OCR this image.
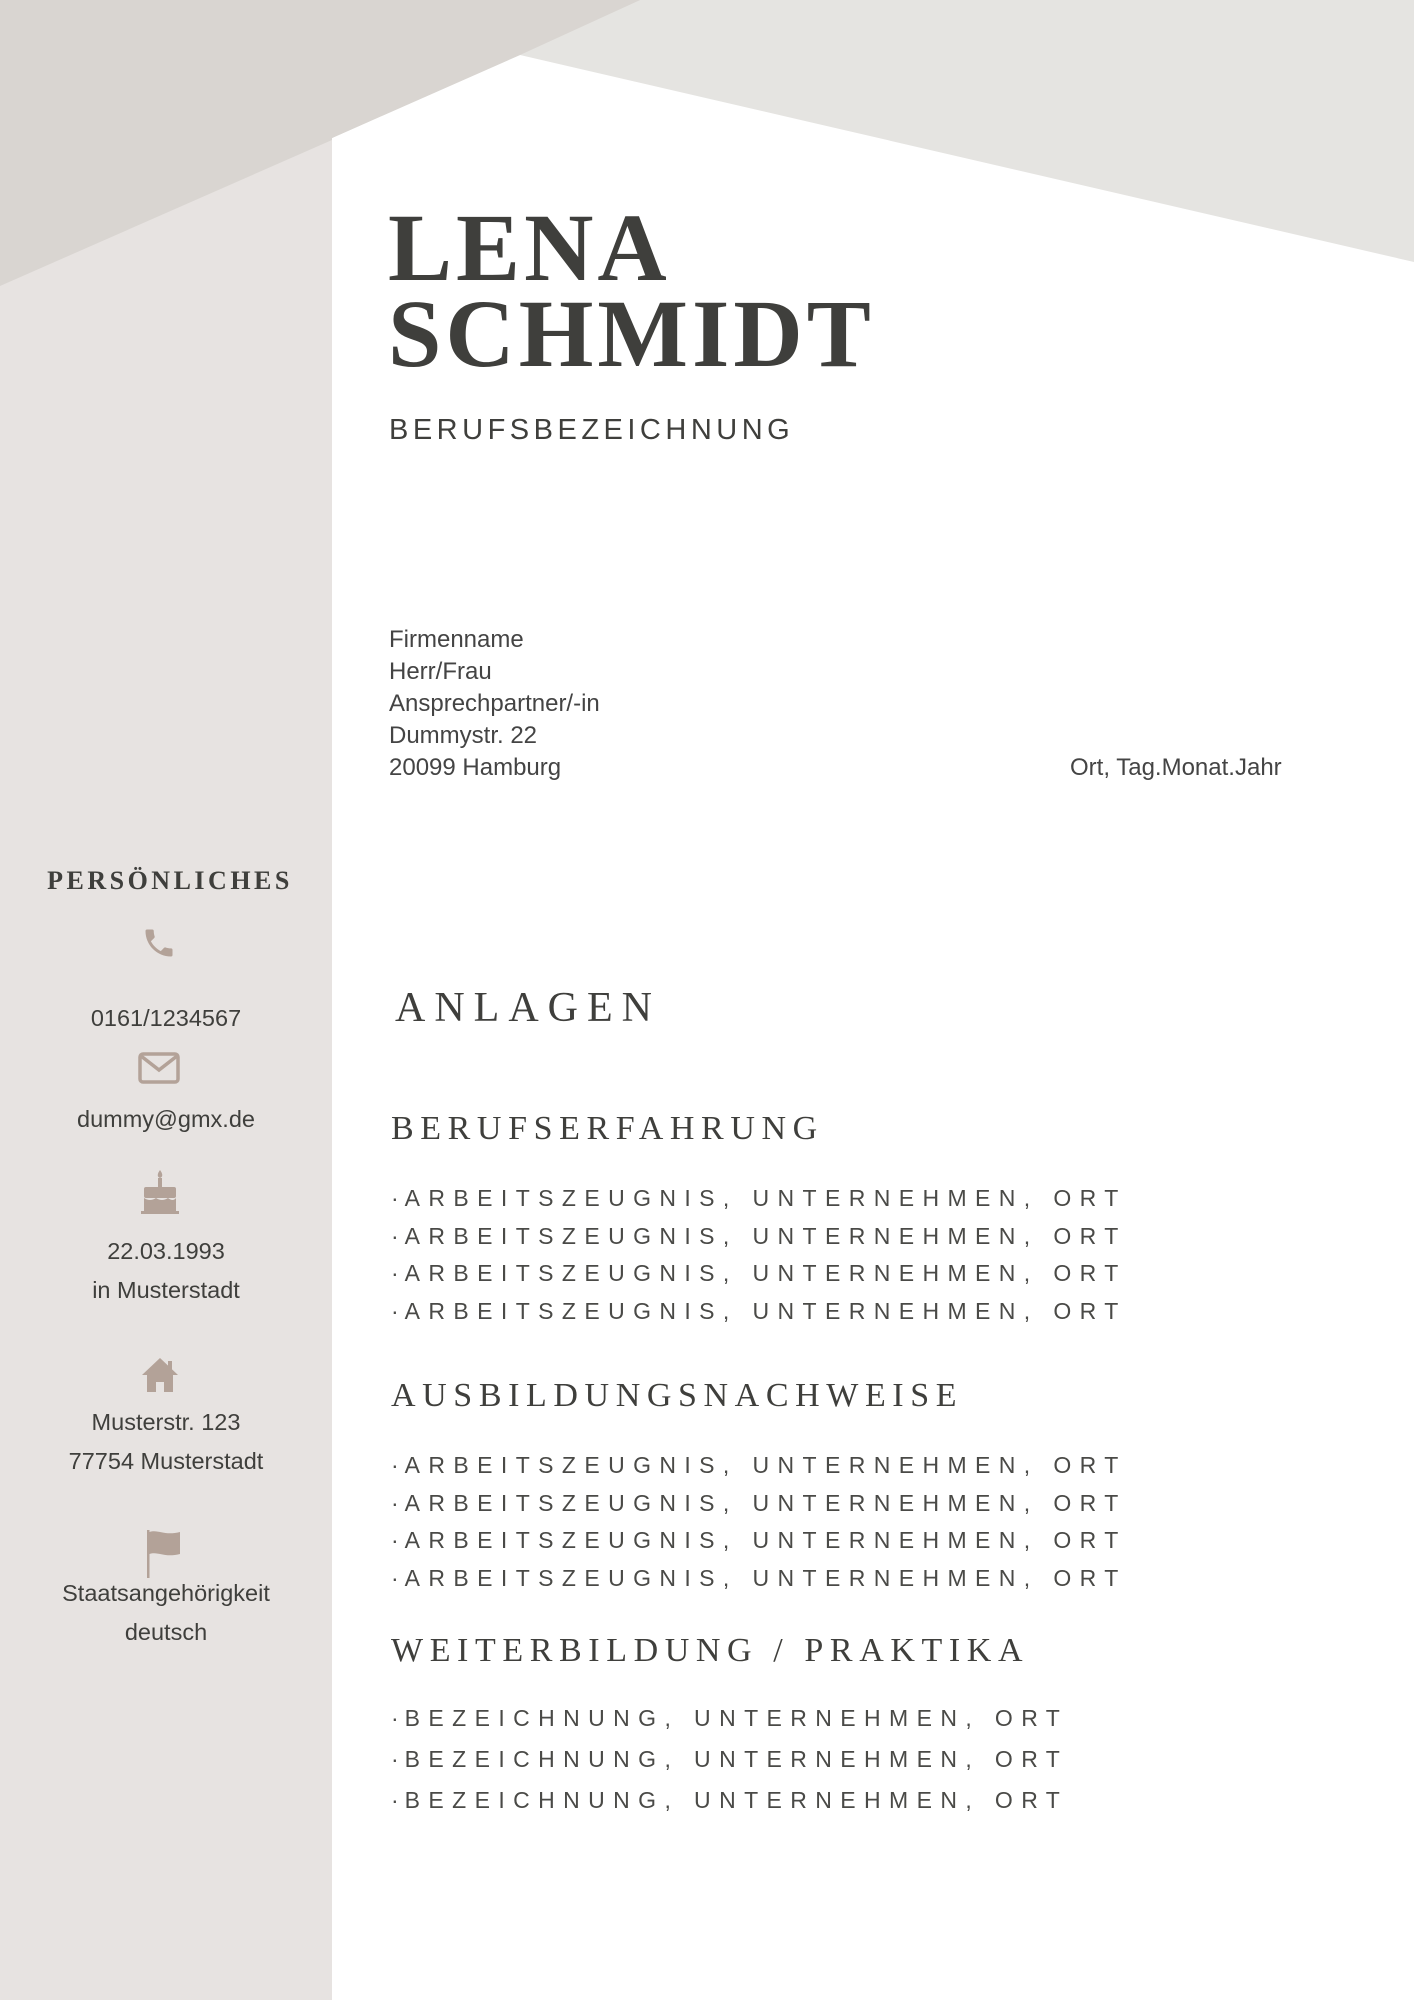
LENA
SCHMIDT
BERUFSBEZEICHNUNG
Firmenname
Herr/Frau
Ansprechpartner/-in
Dummystr. 22
20099 Hamburg	Ort, Tag.Monat.Jahr
PERSÖNLICHES
0161/1234567
dummy@gmx.de
22.03.1993
in Musterstadt
Musterstr. 123
77754 Musterstadt
Staatsangehörigkeit
deutsch
ANLAGEN
BERUFSERFAHRUNG
· ARBEITSZEUGNIS, UNTERNEHMEN, ORT
· ARBEITSZEUGNIS, UNTERNEHMEN, ORT
· ARBEITSZEUGNIS, UNTERNEHMEN, ORT
· ARBEITSZEUGNIS, UNTERNEHMEN, ORT
AUSBILDUNGSNACHWEISE
· ARBEITSZEUGNIS, UNTERNEHMEN, ORT
· ARBEITSZEUGNIS, UNTERNEHMEN, ORT
· ARBEITSZEUGNIS, UNTERNEHMEN, ORT
· ARBEITSZEUGNIS, UNTERNEHMEN, ORT
WEITERBILDUNG / PRAKTIKA
· BEZEICHNUNG, UNTERNEHMEN, ORT
· BEZEICHNUNG, UNTERNEHMEN, ORT
· BEZEICHNUNG, UNTERNEHMEN, ORT
